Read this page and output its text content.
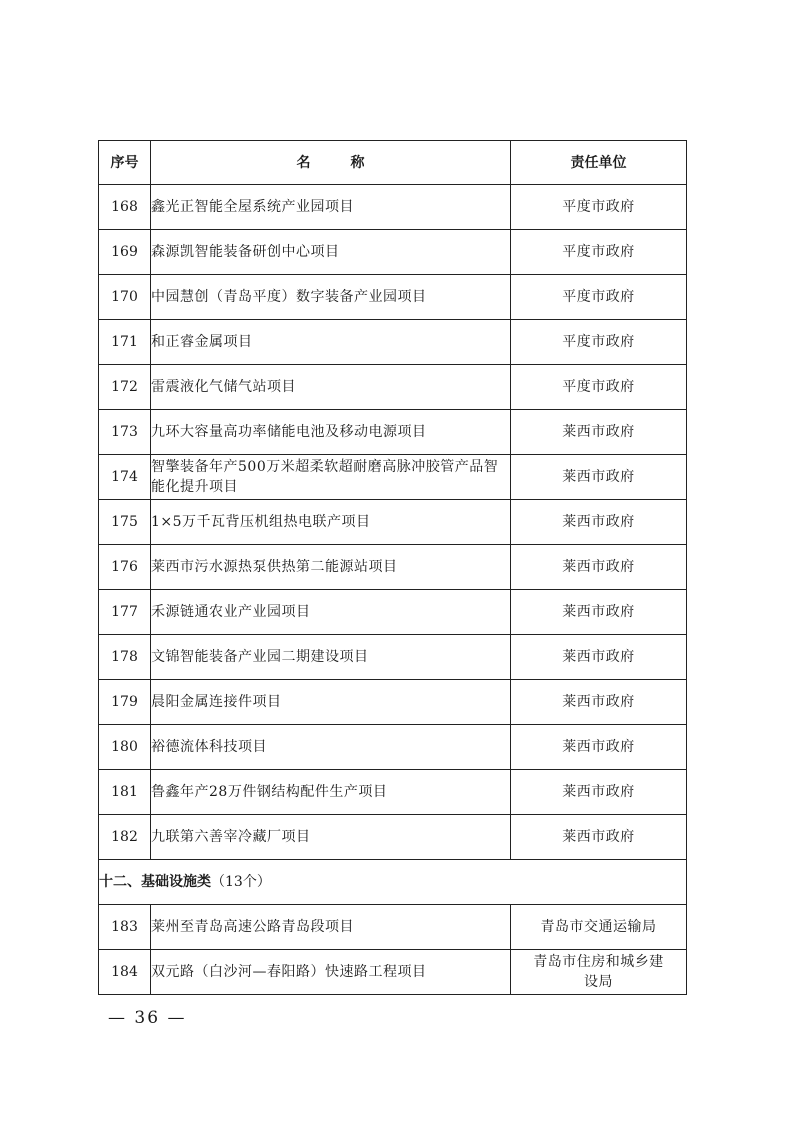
序号	名 称	责任单位
168	鑫光正智能全屋系统产业园项目	平度市政府
169	森源凯智能装备研创中心项目	平度市政府
170	中园慧创（青岛平度）数字装备产业园项目	平度市政府
171	和正睿金属项目	平度市政府
172	雷震液化气储气站项目	平度市政府
173	九环大容量高功率储能电池及移动电源项目	莱西市政府
174	智擎装备年产500万米超柔软超耐磨高脉冲胶管产品智能化提升项目	莱西市政府
175	1×5万千瓦背压机组热电联产项目	莱西市政府
176	莱西市污水源热泵供热第二能源站项目	莱西市政府
177	禾源链通农业产业园项目	莱西市政府
178	文锦智能装备产业园二期建设项目	莱西市政府
179	晨阳金属连接件项目	莱西市政府
180	裕德流体科技项目	莱西市政府
181	鲁鑫年产28万件钢结构配件生产项目	莱西市政府
182	九联第六善宰冷藏厂项目	莱西市政府
十二、基础设施类（13个）		
183	莱州至青岛高速公路青岛段项目	青岛市交通运输局
184	双元路（白沙河—春阳路）快速路工程项目	青岛市住房和城乡建设局
— 36 —
